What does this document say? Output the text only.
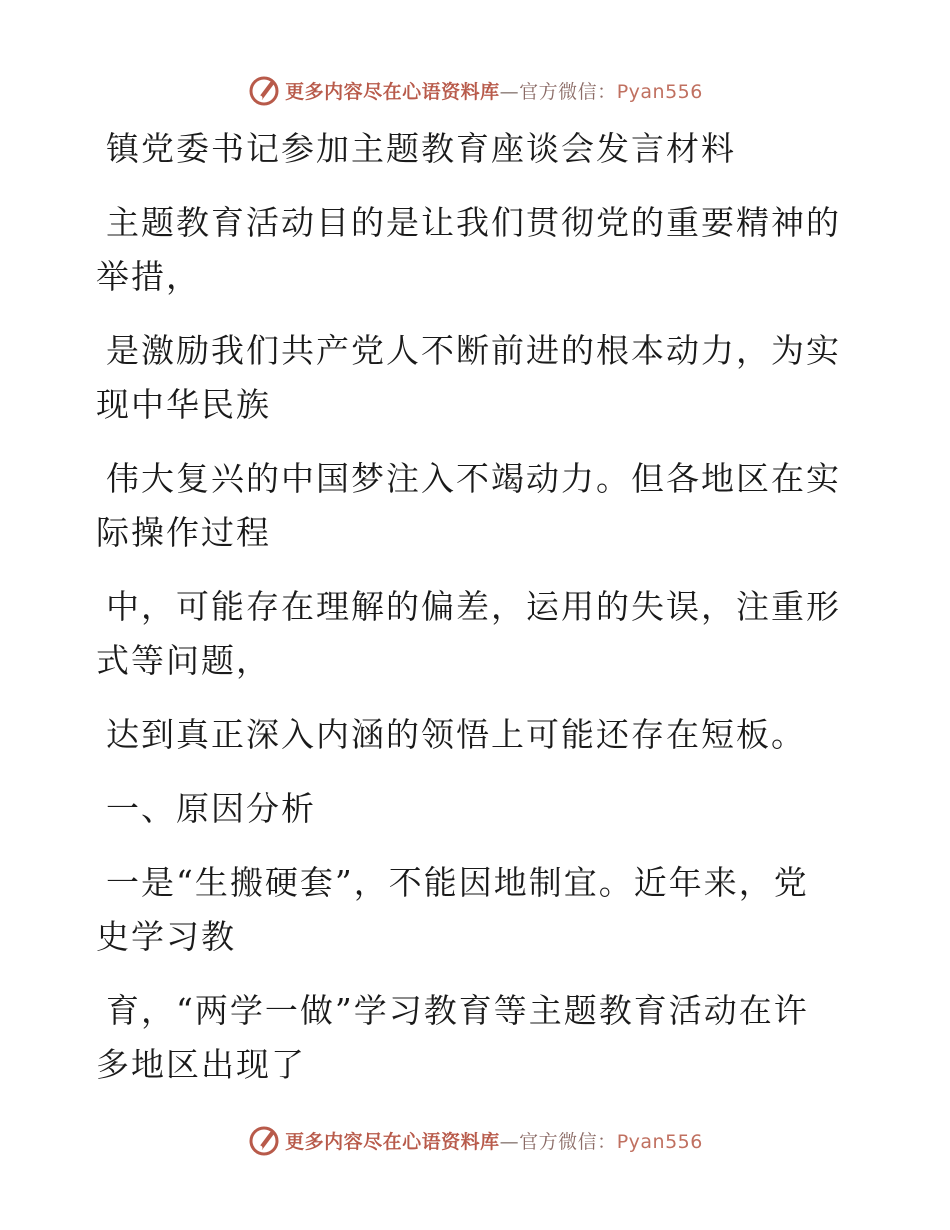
更多内容尽在心语资料库—官方微信：Pyan556

镇党委书记参加主题教育座谈会发言材料

主题教育活动目的是让我们贯彻党的重要精神的

举措，

是激励我们共产党人不断前进的根本动力，为实

现中华民族

伟大复兴的中国梦注入不竭动力。但各地区在实

际操作过程

中，可能存在理解的偏差，运用的失误，注重形

式等问题，

达到真正深入内涵的领悟上可能还存在短板。

一、原因分析

一是“生搬硬套”，不能因地制宜。近年来，党

史学习教

育，“两学一做”学习教育等主题教育活动在许

多地区出现了

更多内容尽在心语资料库—官方微信：Pyan556
